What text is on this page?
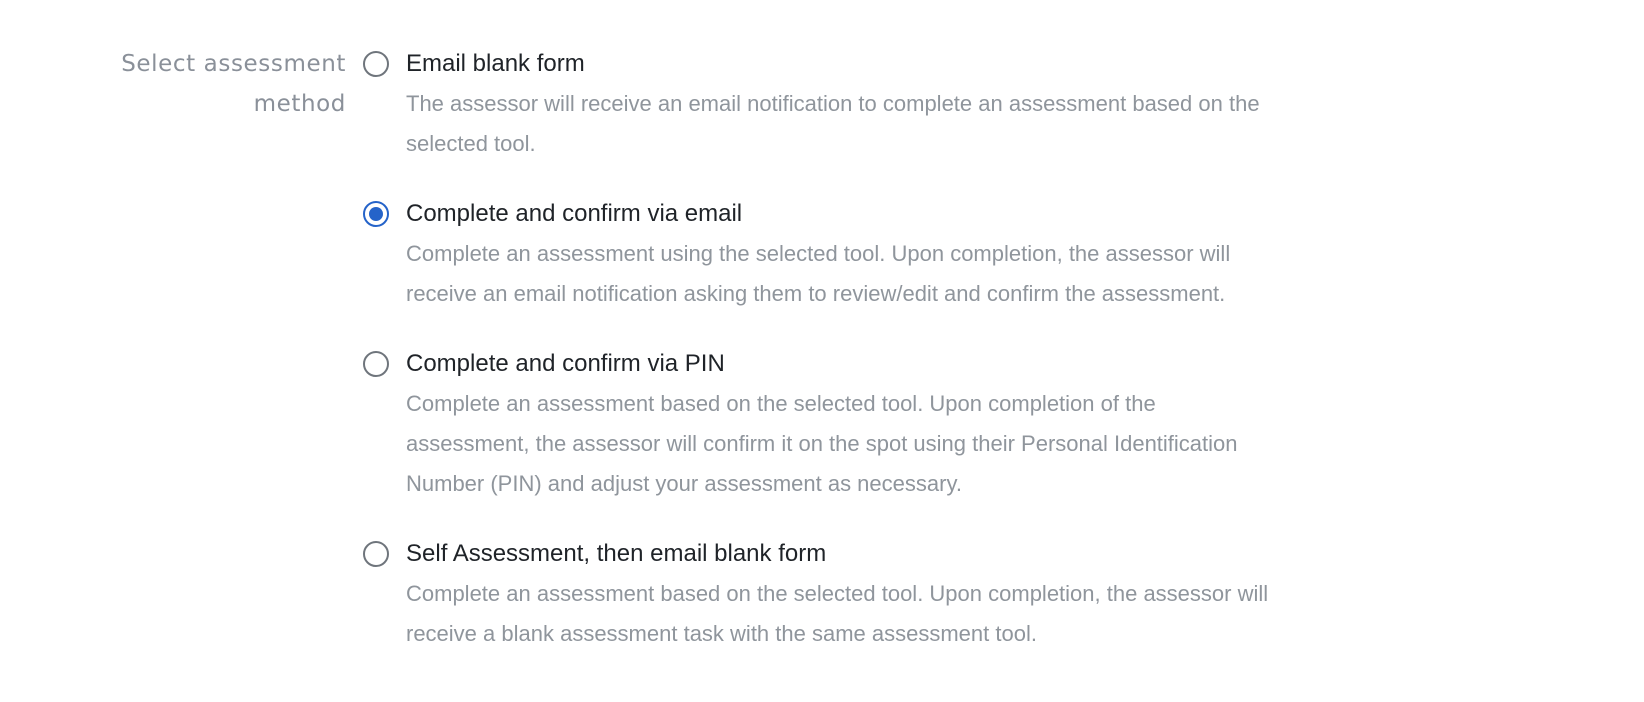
Select assessment
method
Email blank form
The assessor will receive an email notification to complete an assessment based on the
selected tool.
Complete and confirm via email
Complete an assessment using the selected tool. Upon completion, the assessor will
receive an email notification asking them to review/edit and confirm the assessment.
Complete and confirm via PIN
Complete an assessment based on the selected tool. Upon completion of the
assessment, the assessor will confirm it on the spot using their Personal Identification
Number (PIN) and adjust your assessment as necessary.
Self Assessment, then email blank form
Complete an assessment based on the selected tool. Upon completion, the assessor will
receive a blank assessment task with the same assessment tool.
